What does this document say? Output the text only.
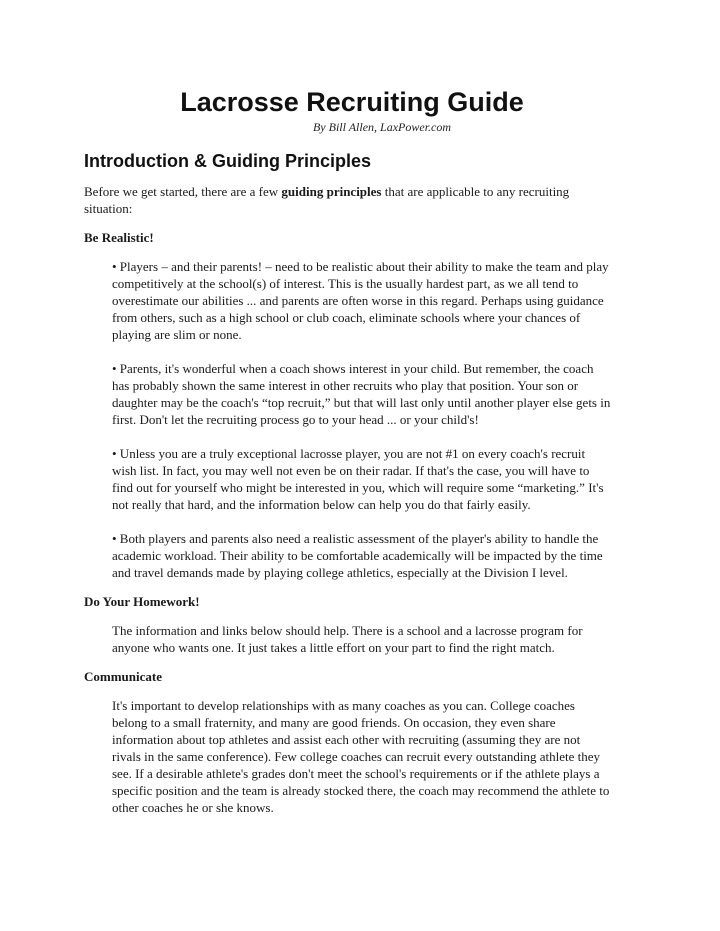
Lacrosse Recruiting Guide
By Bill Allen, LaxPower.com
Introduction & Guiding Principles

Before we get started, there are a few guiding principles that are applicable to any recruiting situation:

Be Realistic!

• Players – and their parents! – need to be realistic about their ability to make the team and play competitively at the school(s) of interest. This is the usually hardest part, as we all tend to overestimate our abilities ... and parents are often worse in this regard. Perhaps using guidance from others, such as a high school or club coach, eliminate schools where your chances of playing are slim or none.

• Parents, it's wonderful when a coach shows interest in your child. But remember, the coach has probably shown the same interest in other recruits who play that position. Your son or daughter may be the coach's “top recruit,” but that will last only until another player else gets in first. Don't let the recruiting process go to your head ... or your child's!

• Unless you are a truly exceptional lacrosse player, you are not #1 on every coach's recruit wish list. In fact, you may well not even be on their radar. If that's the case, you will have to find out for yourself who might be interested in you, which will require some “marketing.” It's not really that hard, and the information below can help you do that fairly easily.

• Both players and parents also need a realistic assessment of the player's ability to handle the academic workload. Their ability to be comfortable academically will be impacted by the time and travel demands made by playing college athletics, especially at the Division I level.

Do Your Homework!

The information and links below should help. There is a school and a lacrosse program for anyone who wants one. It just takes a little effort on your part to find the right match.

Communicate

It's important to develop relationships with as many coaches as you can. College coaches belong to a small fraternity, and many are good friends. On occasion, they even share information about top athletes and assist each other with recruiting (assuming they are not rivals in the same conference). Few college coaches can recruit every outstanding athlete they see. If a desirable athlete's grades don't meet the school's requirements or if the athlete plays a specific position and the team is already stocked there, the coach may recommend the athlete to other coaches he or she knows.
